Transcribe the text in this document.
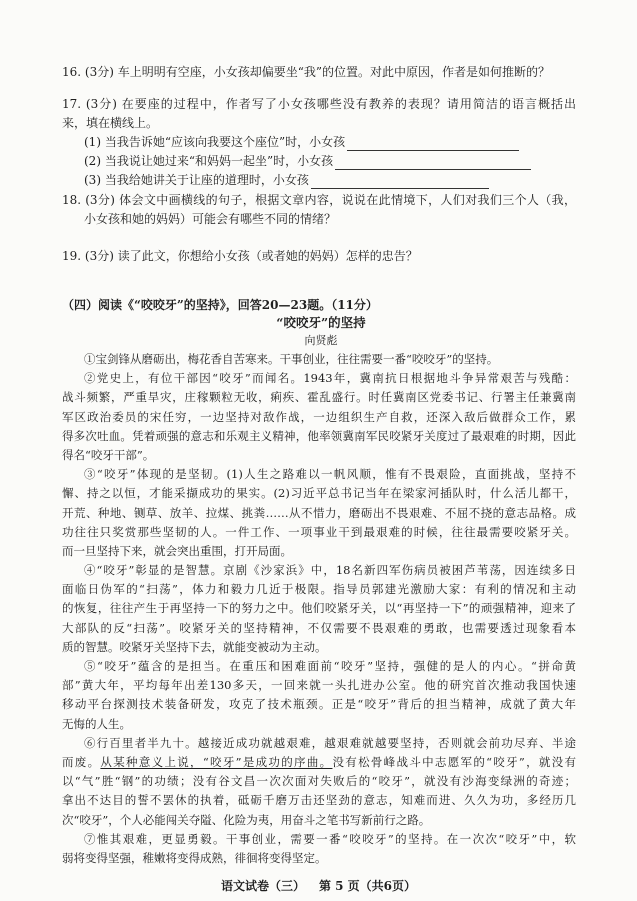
16. (3分) 车上明明有空座，小女孩却偏要坐“我”的位置。对此中原因，作者是如何推断的？
17. (3分) 在要座的过程中，作者写了小女孩哪些没有教养的表现？请用简洁的语言概括出
来，填在横线上。
(1) 当我告诉她“应该向我要这个座位”时，小女孩
(2) 当我说让她过来“和妈妈一起坐”时，小女孩
(3) 当我给她讲关于让座的道理时，小女孩
18. (3分) 体会文中画横线的句子，根据文章内容，说说在此情境下，人们对我们三个人（我，
小女孩和她的妈妈）可能会有哪些不同的情绪？
19. (3分) 读了此文，你想给小女孩（或者她的妈妈）怎样的忠告？
（四）阅读《“咬咬牙”的坚持》，回答20—23题。（11分）
“咬咬牙”的坚持
向贤彪
①宝剑锋从磨砺出，梅花香自苦寒来。干事创业，往往需要一番“咬咬牙”的坚持。
②党史上，有位干部因“咬牙”而闻名。1943年，冀南抗日根据地斗争异常艰苦与残酷：
战斗频繁，严重旱灾，庄稼颗粒无收，痢疾、霍乱盛行。时任冀南区党委书记、行署主任兼冀南
军区政治委员的宋任穷，一边坚持对敌作战，一边组织生产自救，还深入敌后做群众工作，累
得多次吐血。凭着顽强的意志和乐观主义精神，他率领冀南军民咬紧牙关度过了最艰难的时期，因此
得名“咬牙干部”。
③“咬牙”体现的是坚韧。(1)人生之路难以一帆风顺，惟有不畏艰险，直面挑战，坚持不
懈、持之以恒，才能采撷成功的果实。(2)习近平总书记当年在梁家河插队时，什么活儿都干，
开荒、种地、铡草、放羊、拉煤、挑粪……从不惜力，磨砺出不畏艰难、不屈不挠的意志品格。成
功往往只奖赏那些坚韧的人。一件工作、一项事业干到最艰难的时候，往往最需要咬紧牙关。
而一旦坚持下来，就会突出重围，打开局面。
④“咬牙”彰显的是智慧。京剧《沙家浜》中，18名新四军伤病员被困芦苇荡，因连续多日
面临日伪军的“扫荡”，体力和毅力几近于极限。指导员郭建光激励大家：有利的情况和主动
的恢复，往往产生于再坚持一下的努力之中。他们咬紧牙关，以“再坚持一下”的顽强精神，迎来了
大部队的反“扫荡”。咬紧牙关的坚持精神，不仅需要不畏艰难的勇敢，也需要透过现象看本
质的智慧。咬紧牙关坚持下去，就能变被动为主动。
⑤“咬牙”蕴含的是担当。在重压和困难面前“咬牙”坚持，强健的是人的内心。“拼命黄
部”黄大年，平均每年出差130多天，一回来就一头扎进办公室。他的研究首次推动我国快速
移动平台探测技术装备研发，攻克了技术瓶颈。正是“咬牙”背后的担当精神，成就了黄大年
无悔的人生。
⑥行百里者半九十。越接近成功就越艰难，越艰难就越要坚持，否则就会前功尽弃、半途
而废。从某种意义上说，“咬牙”是成功的序曲。没有松骨峰战斗中志愿军的“咬牙”，就没有
以“气”胜“钢”的功绩；没有谷文昌一次次面对失败后的“咬牙”，就没有沙海变绿洲的奇迹；
拿出不达目的誓不罢休的执着，砥砺千磨万击还坚劲的意志，知难而进、久久为功，多经历几
次“咬牙”，个人必能闯关夺隘、化险为夷，用奋斗之笔书写新前行之路。
⑦惟其艰难，更显勇毅。干事创业，需要一番“咬咬牙”的坚持。在一次次“咬牙”中，软
弱将变得坚强，稚嫩将变得成熟，徘徊将变得坚定。
语文试卷（三） 第 5 页（共6页）
